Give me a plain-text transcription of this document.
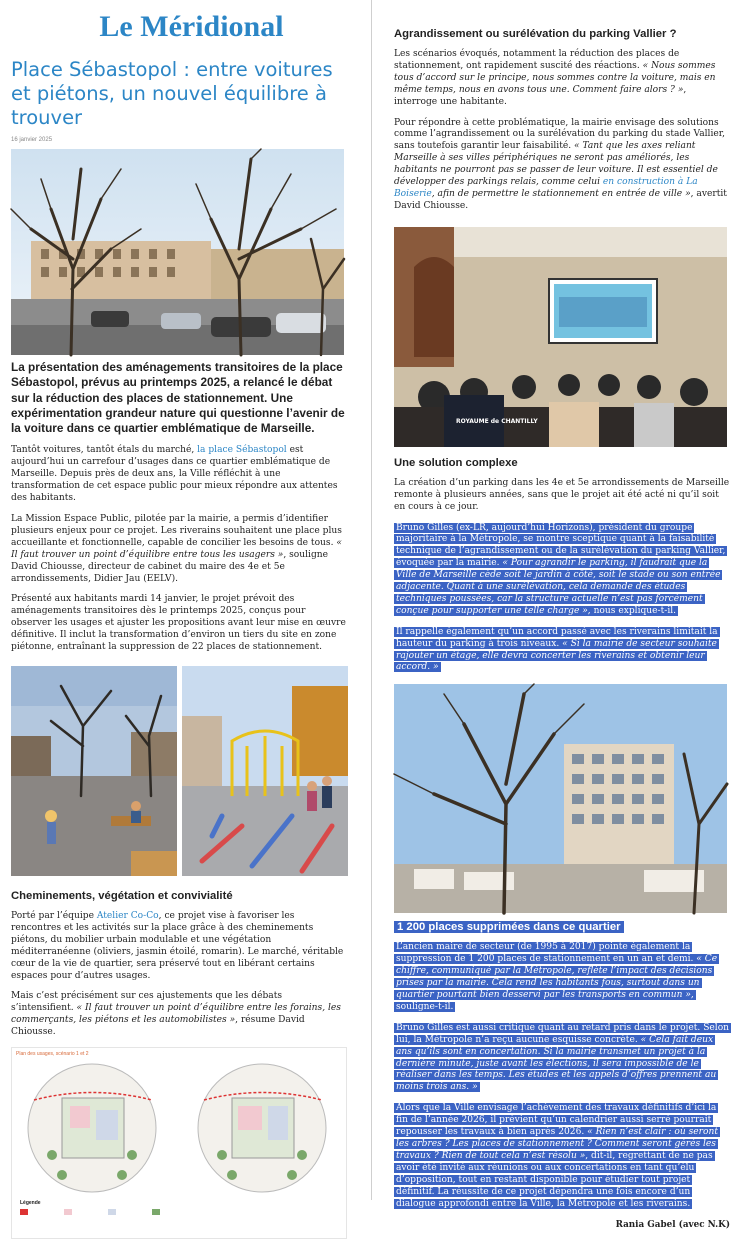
Le Méridional
Place Sébastopol : entre voitures et piétons, un nouvel équilibre à trouver
16 janvier 2025
La présentation des aménagements transitoires de la place Sébastopol, prévus au printemps 2025, a relancé le débat sur la réduction des places de stationnement. Une expérimentation grandeur nature qui questionne l’avenir de la voiture dans ce quartier emblématique de Marseille.

Tantôt voitures, tantôt étals du marché, la place Sébastopol est aujourd’hui un carrefour d’usages dans ce quartier emblématique de Marseille. Depuis près de deux ans, la Ville réfléchit à une transformation de cet espace public pour mieux répondre aux attentes des habitants.

La Mission Espace Public, pilotée par la mairie, a permis d’identifier plusieurs enjeux pour ce projet. Les riverains souhaitent une place plus accueillante et fonctionnelle, capable de concilier les besoins de tous. « Il faut trouver un point d’équilibre entre tous les usagers », souligne David Chiousse, directeur de cabinet du maire des 4e et 5e arrondissements, Didier Jau (EELV).

Présenté aux habitants mardi 14 janvier, le projet prévoit des aménagements transitoires dès le printemps 2025, conçus pour observer les usages et ajuster les propositions avant leur mise en œuvre définitive. Il inclut la transformation d’environ un tiers du site en zone piétonne, entraînant la suppression de 22 places de stationnement.

Cheminements, végétation et convivialité

Porté par l’équipe Atelier Co-Co, ce projet vise à favoriser les rencontres et les activités sur la place grâce à des cheminements piétons, du mobilier urbain modulable et une végétation méditerranéenne (oliviers, jasmin étoilé, romarin). Le marché, véritable cœur de la vie de quartier, sera préservé tout en libérant certains espaces pour d’autres usages.

Mais c’est précisément sur ces ajustements que les débats s’intensifient. « Il faut trouver un point d’équilibre entre les forains, les commerçants, les piétons et les automobilistes », résume David Chiousse.

Plan des usages, scénario 1 et 2
Légende
Agrandissement ou surélévation du parking Vallier ?

Les scénarios évoqués, notamment la réduction des places de stationnement, ont rapidement suscité des réactions. « Nous sommes tous d’accord sur le principe, nous sommes contre la voiture, mais en même temps, nous en avons tous une. Comment faire alors ? », interroge une habitante.

Pour répondre à cette problématique, la mairie envisage des solutions comme l’agrandissement ou la surélévation du parking du stade Vallier, sans toutefois garantir leur faisabilité. « Tant que les axes reliant Marseille à ses villes périphériques ne seront pas améliorés, les habitants ne pourront pas se passer de leur voiture. Il est essentiel de développer des parkings relais, comme celui en construction à La Boiserie, afin de permettre le stationnement en entrée de ville », avertit David Chiousse.

ROYAUME de CHANTILLY
Une solution complexe

La création d’un parking dans les 4e et 5e arrondissements de Marseille remonte à plusieurs années, sans que le projet ait été acté ni qu’il soit en cours à ce jour.

Bruno Gilles (ex-LR, aujourd’hui Horizons), président du groupe majoritaire à la Métropole, se montre sceptique quant à la faisabilité technique de l’agrandissement ou de la surélévation du parking Vallier, évoquée par la mairie. « Pour agrandir le parking, il faudrait que la Ville de Marseille cède soit le jardin à côté, soit le stade ou son entrée adjacente. Quant à une surélévation, cela demande des études techniques poussées, car la structure actuelle n’est pas forcément conçue pour supporter une telle charge », nous explique-t-il.

Il rappelle également qu’un accord passé avec les riverains limitait la hauteur du parking à trois niveaux. « Si la mairie de secteur souhaite rajouter un étage, elle devra concerter les riverains et obtenir leur accord. »

1 200 places supprimées dans ce quartier

L’ancien maire de secteur (de 1995 à 2017) pointe également la suppression de 1 200 places de stationnement en un an et demi. « Ce chiffre, communiqué par la Métropole, reflète l’impact des décisions prises par la mairie. Cela rend les habitants fous, surtout dans un quartier pourtant bien desservi par les transports en commun », souligne-t-il.

Bruno Gilles est aussi critique quant au retard pris dans le projet. Selon lui, la Métropole n’a reçu aucune esquisse concrète. « Cela fait deux ans qu’ils sont en concertation. Si la mairie transmet un projet à la dernière minute, juste avant les élections, il sera impossible de le réaliser dans les temps. Les études et les appels d’offres prennent au moins trois ans. »

Alors que la Ville envisage l’achèvement des travaux définitifs d’ici la fin de l’année 2026, il prévient qu’un calendrier aussi serré pourrait repousser les travaux à bien après 2026. « Rien n’est clair : où seront les arbres ? Les places de stationnement ? Comment seront gérés les travaux ? Rien de tout cela n’est résolu », dit-il, regrettant de ne pas avoir été invité aux réunions ou aux concertations en tant qu’élu d’opposition, tout en restant disponible pour étudier tout projet définitif. La réussite de ce projet dépendra une fois encore d’un dialogue approfondi entre la Ville, la Métropole et les riverains.

Rania Gabel (avec N.K)
